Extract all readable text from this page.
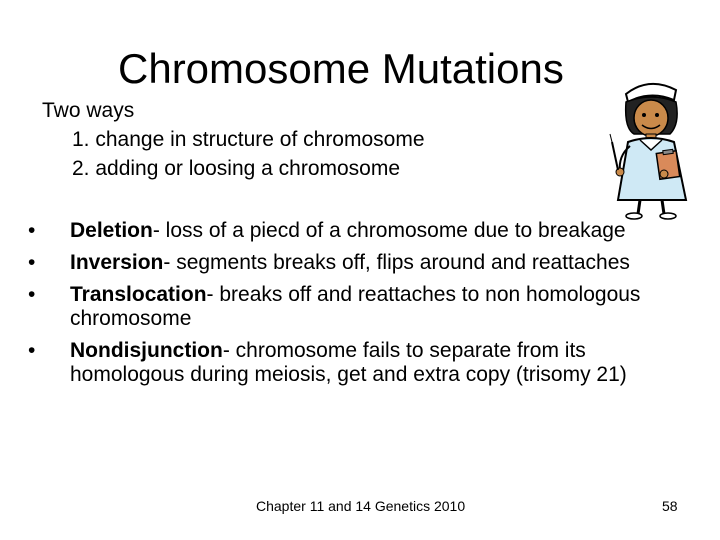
Chromosome Mutations
Two ways
1. change in structure of chromosome
2. adding or loosing a chromosome
• Deletion- loss of a piecd of a chromosome due to breakage
• Inversion- segments breaks off, flips around and reattaches
• Translocation- breaks off and reattaches to non homologous chromosome
• Nondisjunction- chromosome fails to separate from its homologous during meiosis, get and extra copy (trisomy 21)
Chapter 11 and 14 Genetics 2010	58
